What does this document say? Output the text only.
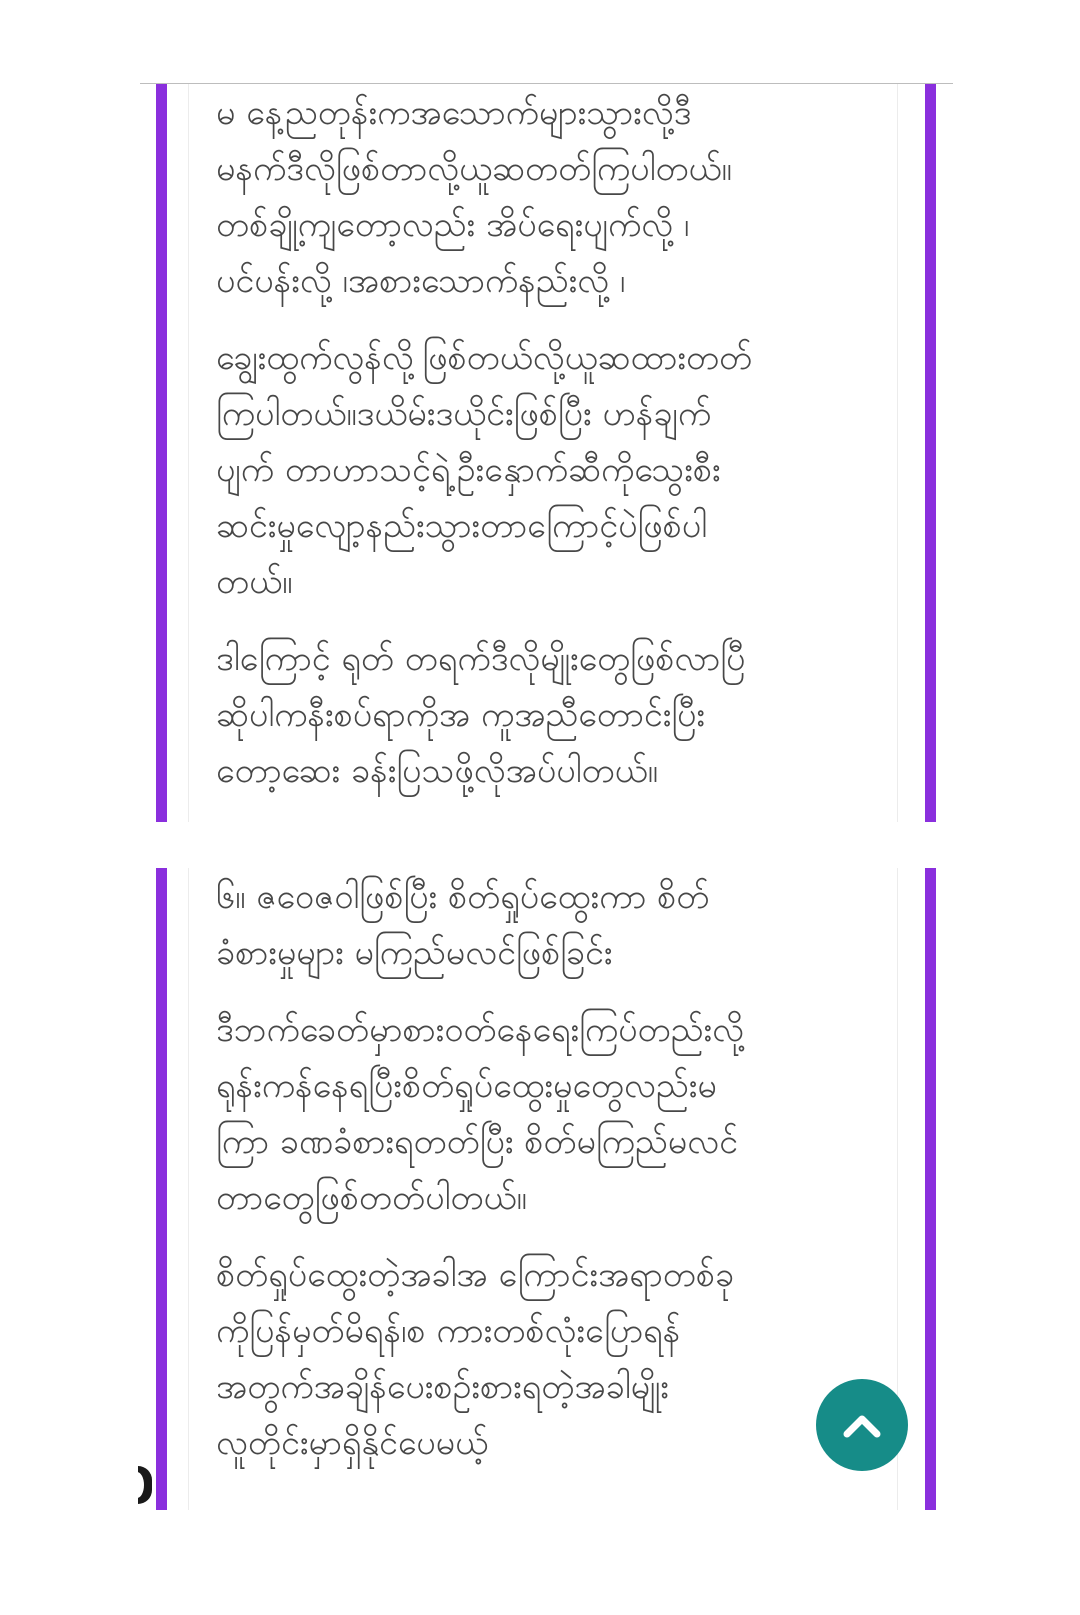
မ နေ့ညတုန်းကအသောက်များသွားလို့ဒီ
မနက်ဒီလိုဖြစ်တာလို့ယူဆတတ်ကြပါတယ်။
တစ်ချို့ကျတော့လည်း အိပ်ရေးပျက်လို့ ၊
ပင်ပန်းလို့ ၊အစားသောက်နည်းလို့ ၊
ချွေးထွက်လွန်လို့ဖြစ်တယ်လို့ယူဆထားတတ်
ကြပါတယ်။ဒယိမ်းဒယိုင်းဖြစ်ပြီး ဟန်ချက်
ပျက် တာဟာသင့်ရဲ့ဦးနှောက်ဆီကိုသွေးစီး
ဆင်းမှုလျော့နည်းသွားတာကြောင့်ပဲဖြစ်ပါ
တယ်။
ဒါကြောင့် ရုတ် တရက်ဒီလိုမျိုးတွေဖြစ်လာပြီ
ဆိုပါကနီးစပ်ရာကိုအ ကူအညီတောင်းပြီး
တော့ဆေး ခန်းပြသဖို့လိုအပ်ပါတယ်။
၆။ ဇဝေဇဝါဖြစ်ပြီး စိတ်ရှုပ်ထွေးကာ စိတ်
ခံစားမှုများ မကြည်မလင်ဖြစ်ခြင်း
ဒီဘက်ခေတ်မှာစားဝတ်နေရေးကြပ်တည်းလို့
ရုန်းကန်နေရပြီးစိတ်ရှုပ်ထွေးမှုတွေလည်းမ
ကြာ ခဏခံစားရတတ်ပြီး စိတ်မကြည်မလင်
တာတွေဖြစ်တတ်ပါတယ်။
စိတ်ရှုပ်ထွေးတဲ့အခါအ ကြောင်းအရာတစ်ခု
ကိုပြန်မှတ်မိရန်၊စ ကားတစ်လုံးပြောရန်
အတွက်အချိန်ပေးစဉ်းစားရတဲ့အခါမျိုး
လူတိုင်းမှာရှိနိုင်ပေမယ့်
